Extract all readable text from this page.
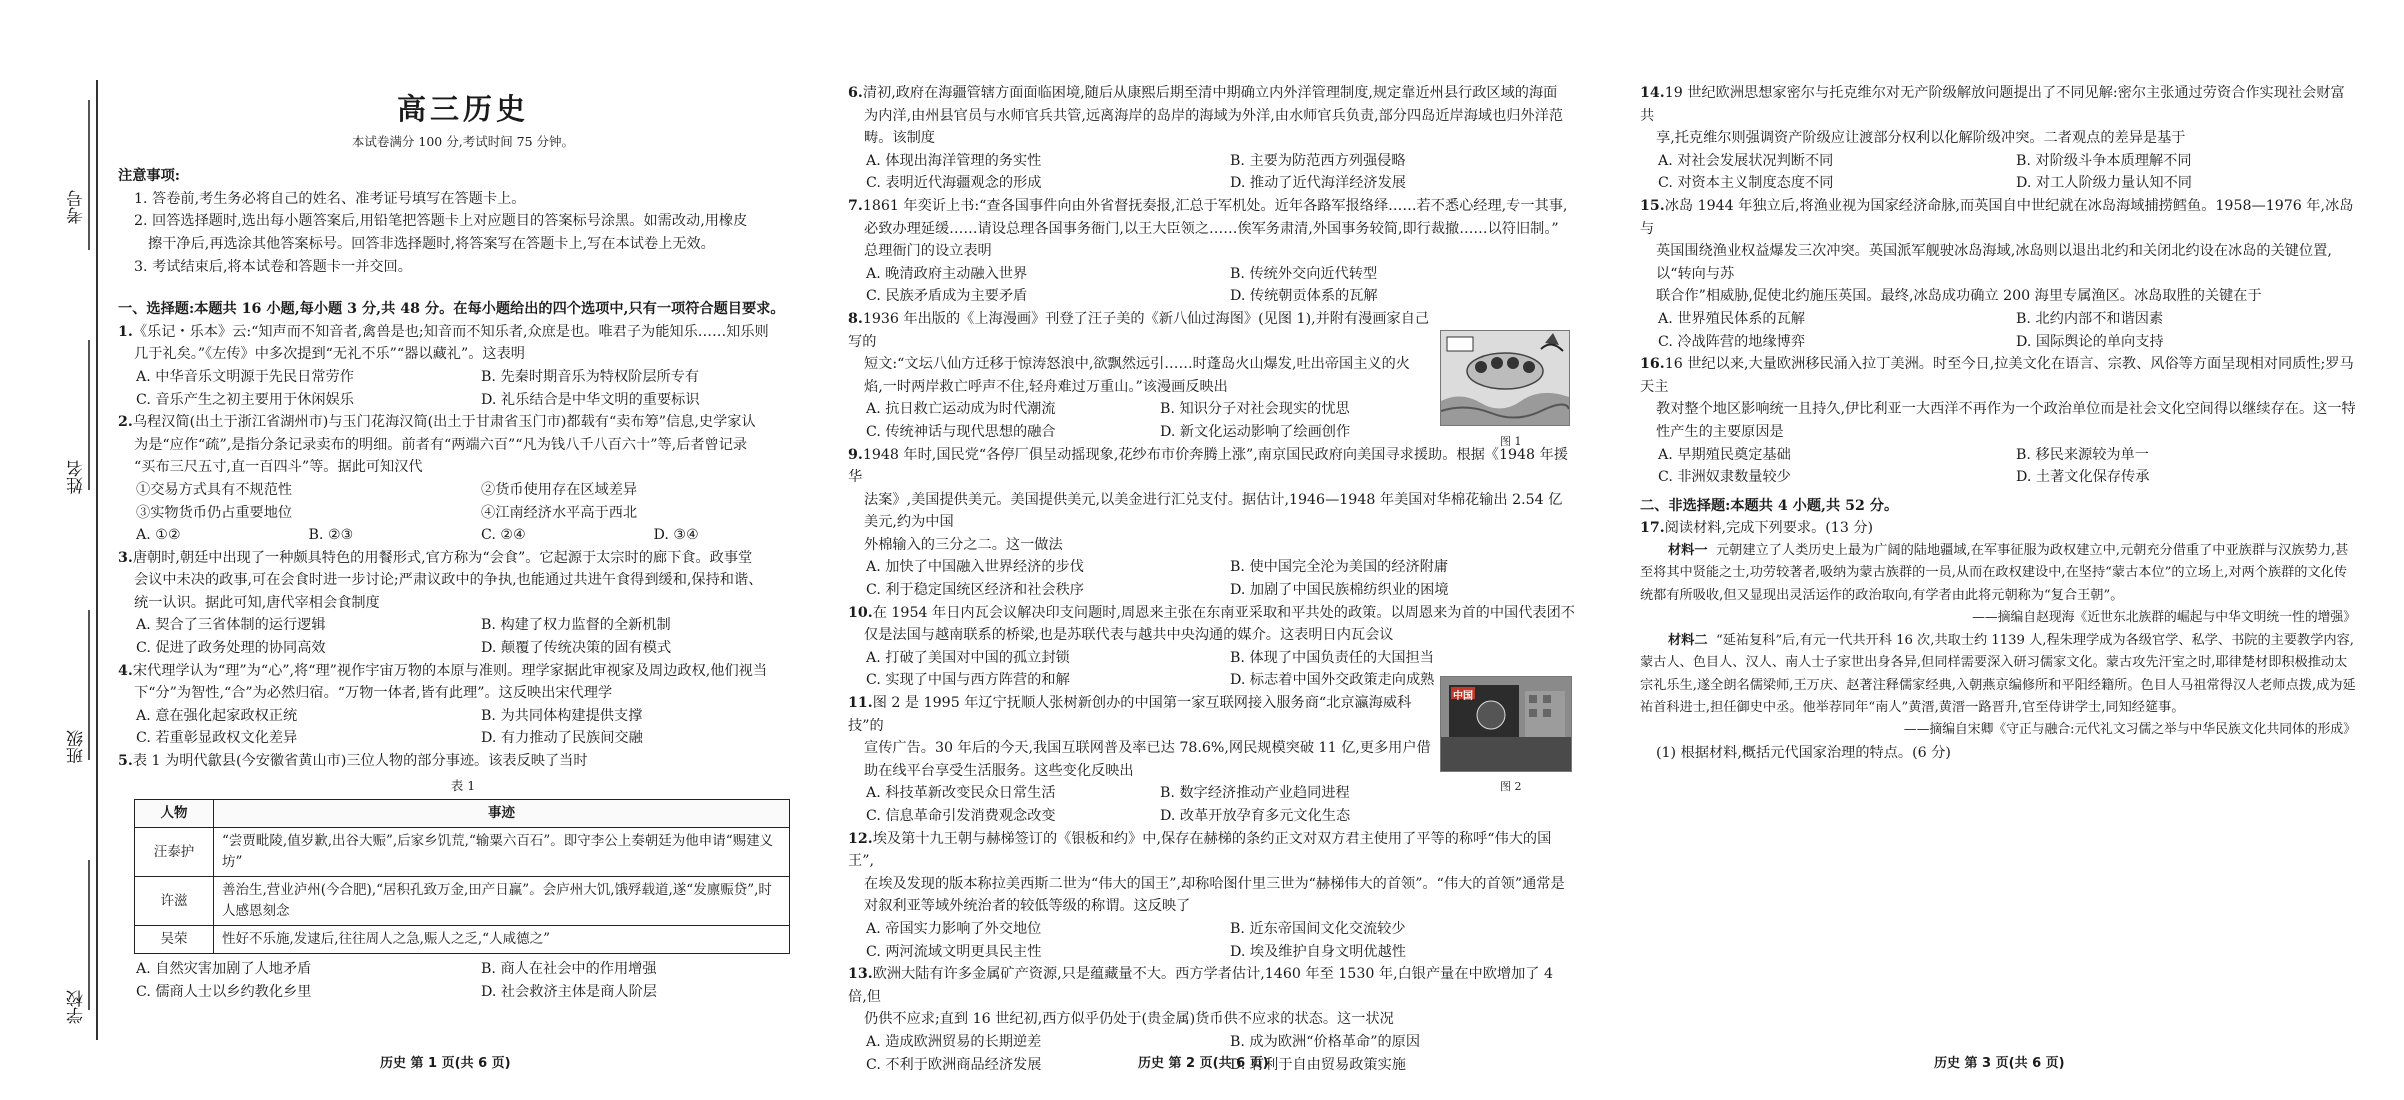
考号
姓名
班级
学校

高三历史

本试卷满分 100 分,考试时间 75 分钟。

注意事项:

1. 答卷前,考生务必将自己的姓名、准考证号填写在答题卡上。

2. 回答选择题时,选出每小题答案后,用铅笔把答题卡上对应题目的答案标号涂黑。如需改动,用橡皮

擦干净后,再选涂其他答案标号。回答非选择题时,将答案写在答题卡上,写在本试卷上无效。

3. 考试结束后,将本试卷和答题卡一并交回。

一、选择题:本题共 16 小题,每小题 3 分,共 48 分。在每小题给出的四个选项中,只有一项符合题目要求。

1.《乐记・乐本》云:“知声而不知音者,禽兽是也;知音而不知乐者,众庶是也。唯君子为能知乐……知乐则

几于礼矣。”《左传》中多次提到“无礼不乐”“器以藏礼”。这表明

A. 中华音乐文明源于先民日常劳作	B. 先秦时期音乐为特权阶层所专有
C. 音乐产生之初主要用于休闲娱乐	D. 礼乐结合是中华文明的重要标识

2.乌程汉简(出土于浙江省湖州市)与玉门花海汉简(出土于甘肃省玉门市)都载有“卖布筹”信息,史学家认

为是“应作“疏”,是指分条记录卖布的明细。前者有“两端六百”“凡为钱八千八百六十”等,后者曾记录

“买布三尺五寸,直一百四斗”等。据此可知汉代

①交易方式具有不规范性	②货币使用存在区域差异
③实物货币仍占重要地位	④江南经济水平高于西北
A. ①②	B. ②③	C. ②④	D. ③④

3.唐朝时,朝廷中出现了一种颇具特色的用餐形式,官方称为“会食”。它起源于太宗时的廊下食。政事堂

会议中未决的政事,可在会食时进一步讨论;严肃议政中的争执,也能通过共进午食得到缓和,保持和谐、

统一认识。据此可知,唐代宰相会食制度

A. 契合了三省体制的运行逻辑	B. 构建了权力监督的全新机制
C. 促进了政务处理的协同高效	D. 颠覆了传统决策的固有模式

4.宋代理学认为“理”为“心”,将“理”视作宇宙万物的本原与准则。理学家据此审视家及周边政权,他们视当

下“分”为智性,“合”为必然归宿。“万物一体者,皆有此理”。这反映出宋代理学

A. 意在强化起家政权正统	B. 为共同体构建提供支撑
C. 若重彰显政权文化差异	D. 有力推动了民族间交融

5.表 1 为明代歙县(今安徽省黄山市)三位人物的部分事迹。该表反映了当时

表 1

人物	事迹
汪泰护	“尝贾毗陵,值岁歉,出谷大赈”,后家乡饥荒,“输粟六百石”。即守李公上奏朝廷为他申请“赐建义坊”
许滋	善治生,营业泸州(今合肥),“居积孔致万金,田产日赢”。会庐州大饥,饿殍载道,遂“发廪赈贷”,时人感恩刻念
吴荣	性好不乐施,发逮后,往往周人之急,赈人之乏,“人咸德之”
A. 自然灾害加剧了人地矛盾	B. 商人在社会中的作用增强
C. 儒商人士以乡约教化乡里	D. 社会救济主体是商人阶层
历史 第 1 页(共 6 页)

6.清初,政府在海疆管辖方面面临困境,随后从康熙后期至清中期确立内外洋管理制度,规定靠近州县行政区域的海面

为内洋,由州县官员与水师官兵共管,远离海岸的岛岸的海域为外洋,由水师官兵负责,部分四岛近岸海域也归外洋范

畴。该制度

A. 体现出海洋管理的务实性	B. 主要为防范西方列强侵略
C. 表明近代海疆观念的形成	D. 推动了近代海洋经济发展

7.1861 年奕䜣上书:“查各国事件向由外省督抚奏报,汇总于军机处。近年各路军报络绎……若不悉心经理,专一其事,

必致办理延缓……请设总理各国事务衙门,以王大臣领之……俟军务肃清,外国事务较简,即行裁撤……以符旧制。”

总理衙门的设立表明

A. 晚清政府主动融入世界	B. 传统外交向近代转型
C. 民族矛盾成为主要矛盾	D. 传统朝贡体系的瓦解

8.1936 年出版的《上海漫画》刊登了汪子美的《新八仙过海图》(见图 1),并附有漫画家自己写的

短文:“文坛八仙方迁移于惊涛怒浪中,欲飘然远引……时蓬岛火山爆发,吐出帝国主义的火

焰,一时两岸救亡呼声不住,轻舟难过万重山。”该漫画反映出

A. 抗日救亡运动成为时代潮流	B. 知识分子对社会现实的忧思
C. 传统神话与现代思想的融合	D. 新文化运动影响了绘画创作

9.1948 年时,国民党“各停厂俱呈动摇现象,花纱布市价奔腾上涨”,南京国民政府向美国寻求援助。根据《1948 年援华

法案》,美国提供美元。美国提供美元,以美金进行汇兑支付。据估计,1946—1948 年美国对华棉花输出 2.54 亿美元,约为中国

外棉输入的三分之二。这一做法

A. 加快了中国融入世界经济的步伐	B. 使中国完全沦为美国的经济附庸
C. 利于稳定国统区经济和社会秩序	D. 加剧了中国民族棉纺织业的困境

10.在 1954 年日内瓦会议解决印支问题时,周恩来主张在东南亚采取和平共处的政策。以周恩来为首的中国代表团不

仅是法国与越南联系的桥梁,也是苏联代表与越共中央沟通的媒介。这表明日内瓦会议

A. 打破了美国对中国的孤立封锁	B. 体现了中国负责任的大国担当
C. 实现了中国与西方阵营的和解	D. 标志着中国外交政策走向成熟

11.图 2 是 1995 年辽宁抚顺人张树新创办的中国第一家互联网接入服务商“北京瀛海威科技”的

宣传广告。30 年后的今天,我国互联网普及率已达 78.6%,网民规模突破 11 亿,更多用户借

助在线平台享受生活服务。这些变化反映出

A. 科技革新改变民众日常生活	B. 数字经济推动产业趋同进程
C. 信息革命引发消费观念改变	D. 改革开放孕育多元文化生态

12.埃及第十九王朝与赫梯签订的《银板和约》中,保存在赫梯的条约正文对双方君主使用了平等的称呼“伟大的国王”,

在埃及发现的版本称拉美西斯二世为“伟大的国王”,却称哈图什里三世为“赫梯伟大的首领”。“伟大的首领”通常是

对叙利亚等域外统治者的较低等级的称谓。这反映了

A. 帝国实力影响了外交地位	B. 近东帝国间文化交流较少
C. 两河流域文明更具民主性	D. 埃及维护自身文明优越性

13.欧洲大陆有许多金属矿产资源,只是蕴藏量不大。西方学者估计,1460 年至 1530 年,白银产量在中欧增加了 4 倍,但

仍供不应求;直到 16 世纪初,西方似乎仍处于(贵金属)货币供不应求的状态。这一状况

A. 造成欧洲贸易的长期逆差	B. 成为欧洲“价格革命”的原因
C. 不利于欧洲商品经济发展	D. 有利于自由贸易政策实施
图 1
中国
图 2
历史 第 2 页(共 6 页)

14.19 世纪欧洲思想家密尔与托克维尔对无产阶级解放问题提出了不同见解:密尔主张通过劳资合作实现社会财富共

享,托克维尔则强调资产阶级应让渡部分权利以化解阶级冲突。二者观点的差异是基于

A. 对社会发展状况判断不同	B. 对阶级斗争本质理解不同
C. 对资本主义制度态度不同	D. 对工人阶级力量认知不同

15.冰岛 1944 年独立后,将渔业视为国家经济命脉,而英国自中世纪就在冰岛海域捕捞鳕鱼。1958—1976 年,冰岛与

英国围绕渔业权益爆发三次冲突。英国派军舰驶冰岛海域,冰岛则以退出北约和关闭北约设在冰岛的关键位置,以“转向与苏

联合作”相威胁,促使北约施压英国。最终,冰岛成功确立 200 海里专属渔区。冰岛取胜的关键在于

A. 世界殖民体系的瓦解	B. 北约内部不和谐因素
C. 冷战阵营的地缘博弈	D. 国际舆论的单向支持

16.16 世纪以来,大量欧洲移民涌入拉丁美洲。时至今日,拉美文化在语言、宗教、风俗等方面呈现相对同质性;罗马天主

教对整个地区影响统一且持久,伊比利亚一大西洋不再作为一个政治单位而是社会文化空间得以继续存在。这一特

性产生的主要原因是

A. 早期殖民奠定基础	B. 移民来源较为单一
C. 非洲奴隶数量较少	D. 土著文化保存传承

二、非选择题:本题共 4 小题,共 52 分。

17.阅读材料,完成下列要求。(13 分)

材料一 元朝建立了人类历史上最为广阔的陆地疆域,在军事征服为政权建立中,元朝充分借重了中亚族群与汉族势力,甚至将其中贤能之士,功劳较著者,吸纳为蒙古族群的一员,从而在政权建设中,在坚持“蒙古本位”的立场上,对两个族群的文化传统都有所吸收,但又显现出灵活运作的政治取向,有学者由此将元朝称为“复合王朝”。

——摘编自赵现海《近世东北族群的崛起与中华文明统一性的增强》

材料二 “延祐复科”后,有元一代共开科 16 次,共取士约 1139 人,程朱理学成为各级官学、私学、书院的主要教学内容,蒙古人、色目人、汉人、南人士子家世出身各异,但同样需要深入研习儒家文化。蒙古攻先汗室之时,耶律楚材即积极推动太宗礼乐生,遂全朗名儒梁师,王万庆、赵著注释儒家经典,入朝燕京编修所和平阳经籍所。色目人马祖常得汉人老师点拨,成为延祐首科进士,担任御史中丞。他举荐同年“南人”黄溍,黄溍一路晋升,官至侍讲学士,同知经筵事。

——摘编自宋卿《守正与融合:元代礼文习儒之举与中华民族文化共同体的形成》

(1) 根据材料,概括元代国家治理的特点。(6 分)

历史 第 3 页(共 6 页)
